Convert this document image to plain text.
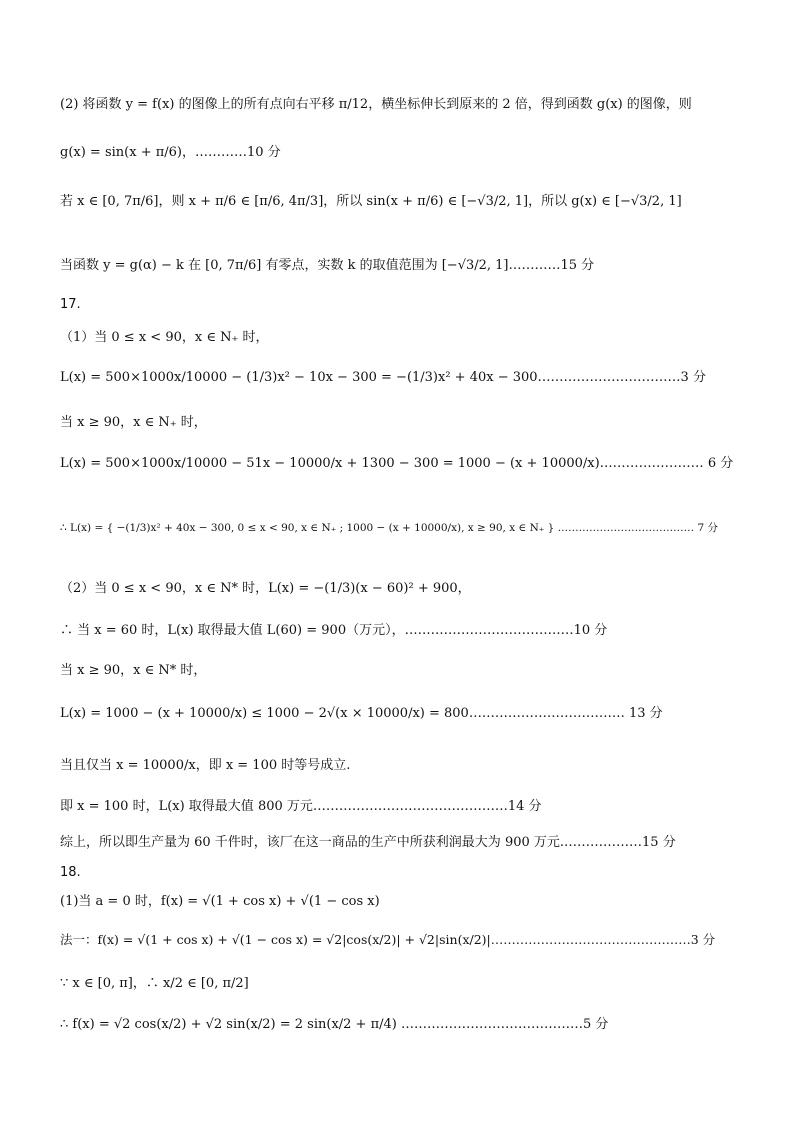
(2) 将函数 y = f(x) 的图像上的所有点向右平移 π/12，横坐标伸长到原来的 2 倍，得到函数 g(x) 的图像，则
g(x) = sin(x + π/6)，…………10 分
若 x ∈ [0, 7π/6]，则 x + π/6 ∈ [π/6, 4π/3]，所以 sin(x + π/6) ∈ [−√3/2, 1]，所以 g(x) ∈ [−√3/2, 1]
当函数 y = g(α) − k 在 [0, 7π/6] 有零点，实数 k 的取值范围为 [−√3/2, 1]…………15 分
17.
（1）当 0 ≤ x < 90，x ∈ N₊ 时，
L(x) = 500×1000x/10000 − (1/3)x² − 10x − 300 = −(1/3)x² + 40x − 300……………………………3 分
当 x ≥ 90，x ∈ N₊ 时，
L(x) = 500×1000x/10000 − 51x − 10000/x + 1300 − 300 = 1000 − (x + 10000/x)…………………… 6 分
∴ L(x) = { −(1/3)x² + 40x − 300, 0 ≤ x < 90, x ∈ N₊ ; 1000 − (x + 10000/x), x ≥ 90, x ∈ N₊ } ………………………………… 7 分
（2）当 0 ≤ x < 90，x ∈ N* 时，L(x) = −(1/3)(x − 60)² + 900，
∴ 当 x = 60 时，L(x) 取得最大值 L(60) = 900（万元），…………………………………10 分
当 x ≥ 90，x ∈ N* 时，
L(x) = 1000 − (x + 10000/x) ≤ 1000 − 2√(x × 10000/x) = 800……………………………… 13 分
当且仅当 x = 10000/x，即 x = 100 时等号成立.
即 x = 100 时，L(x) 取得最大值 800 万元………………………………………14 分
综上，所以即生产量为 60 千件时，该厂在这一商品的生产中所获利润最大为 900 万元.………………15 分
18.
(1)当 a = 0 时，f(x) = √(1 + cos x) + √(1 − cos x)
法一：f(x) = √(1 + cos x) + √(1 − cos x) = √2|cos(x/2)| + √2|sin(x/2)|…………………………………………3 分
∵ x ∈ [0, π]，∴ x/2 ∈ [0, π/2]
∴ f(x) = √2 cos(x/2) + √2 sin(x/2) = 2 sin(x/2 + π/4) ……………………………………5 分
